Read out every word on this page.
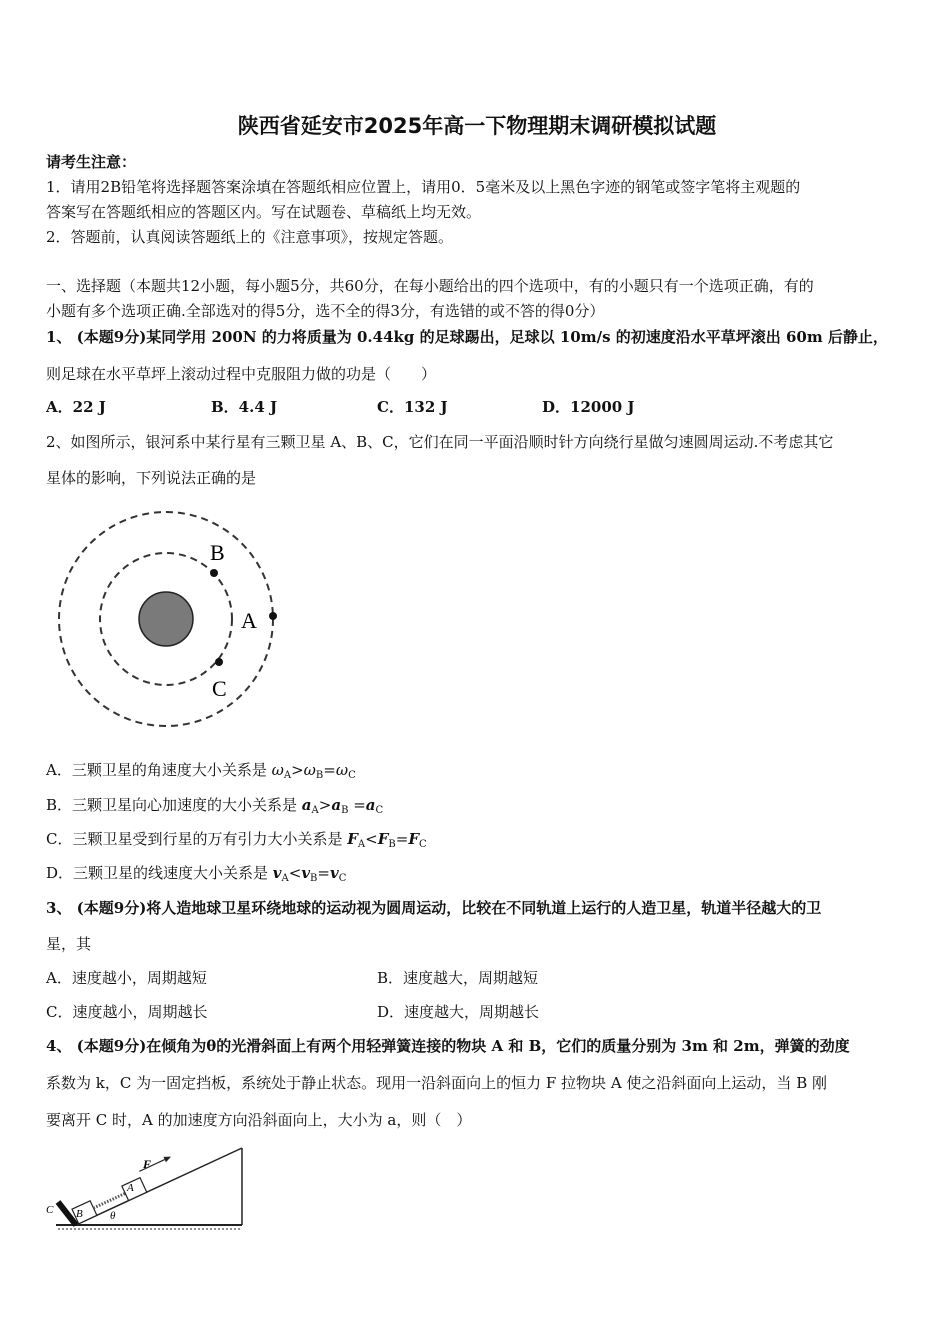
陕西省延安市2025年高一下物理期末调研模拟试题
请考生注意：
1．请用2B铅笔将选择题答案涂填在答题纸相应位置上，请用0．5毫米及以上黑色字迹的钢笔或签字笔将主观题的
答案写在答题纸相应的答题区内。写在试题卷、草稿纸上均无效。
2．答题前，认真阅读答题纸上的《注意事项》，按规定答题。
一、选择题（本题共12小题，每小题5分，共60分，在每小题给出的四个选项中，有的小题只有一个选项正确，有的
小题有多个选项正确.全部选对的得5分，选不全的得3分，有选错的或不答的得0分）
1、 (本题9分)某同学用 200N 的力将质量为 0.44kg 的足球踢出，足球以 10m/s 的初速度沿水平草坪滚出 60m 后静止，
则足球在水平草坪上滚动过程中克服阻力做的功是（　　）
A．22 J	B．4.4 J	C．132 J	D．12000 J
2、如图所示，银河系中某行星有三颗卫星 A、B、C，它们在同一平面沿顺时针方向绕行星做匀速圆周运动.不考虑其它
星体的影响，下列说法正确的是
B
A
C
A．三颗卫星的角速度大小关系是 $\omega_A>\omega_B=\omega_C$
B．三颗卫星向心加速度的大小关系是 $a_A>a_B =a_C$
C．三颗卫星受到行星的万有引力大小关系是 $F_A<F_B=F_C$
D．三颗卫星的线速度大小关系是 $v_A<v_B=v_C$
3、 (本题9分)将人造地球卫星环绕地球的运动视为圆周运动，比较在不同轨道上运行的人造卫星，轨道半径越大的卫
星，其
A．速度越小，周期越短	B．速度越大，周期越短
C．速度越小，周期越长	D．速度越大，周期越长
4、 (本题9分)在倾角为θ的光滑斜面上有两个用轻弹簧连接的物块 A 和 B，它们的质量分别为 3m 和 2m，弹簧的劲度
系数为 k，C 为一固定挡板，系统处于静止状态。现用一沿斜面向上的恒力 F 拉物块 A 使之沿斜面向上运动，当 B 刚
要离开 C 时，A 的加速度方向沿斜面向上，大小为 a，则（　）
F
A
B
C	θ
